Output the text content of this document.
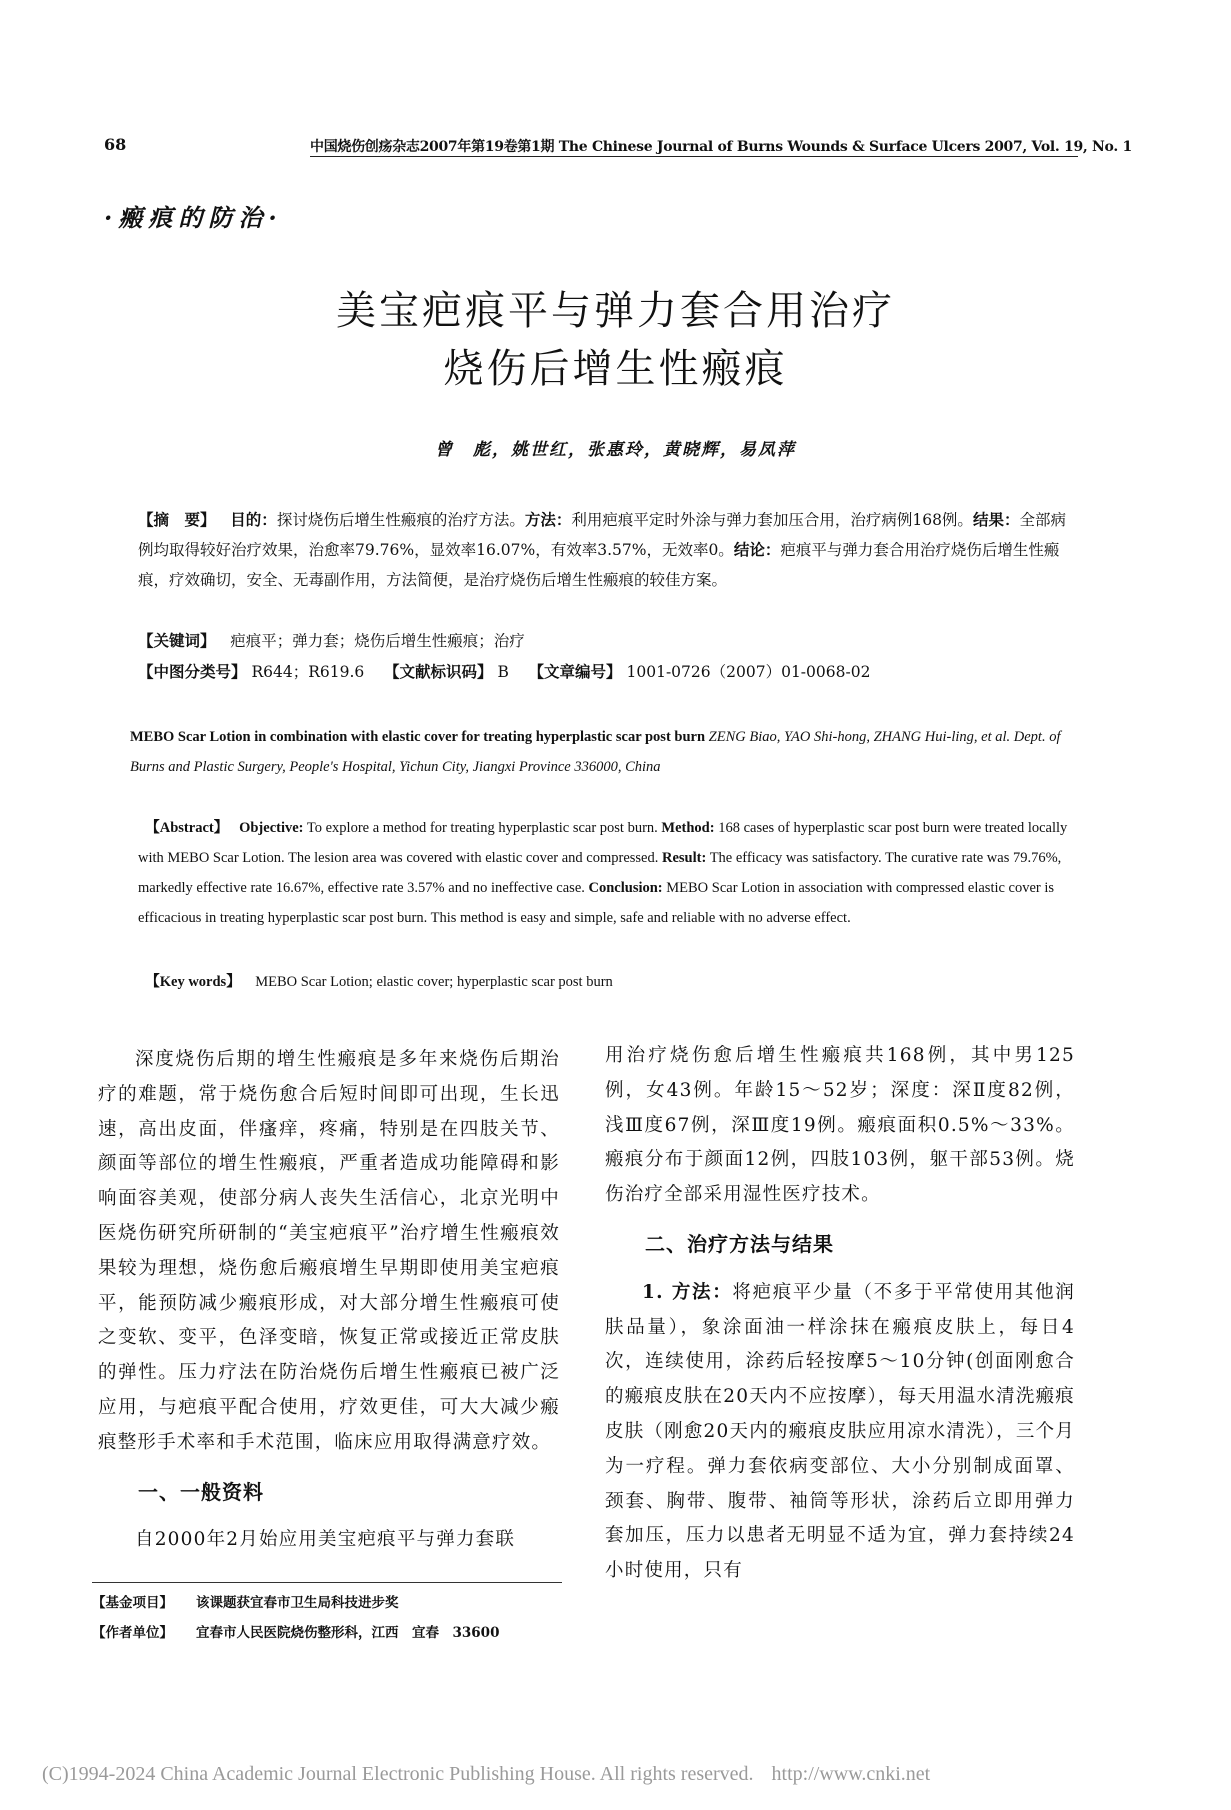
68	中国烧伤创疡杂志2007年第19卷第1期 The Chinese Journal of Burns Wounds & Surface Ulcers 2007, Vol. 19, No. 1
·瘢痕的防治·
美宝疤痕平与弹力套合用治疗
烧伤后增生性瘢痕
曾　彪，姚世红，张惠玲，黄晓辉，易凤萍
【摘　要】 目的：探讨烧伤后增生性瘢痕的治疗方法。方法：利用疤痕平定时外涂与弹力套加压合用，治疗病例168例。结果：全部病例均取得较好治疗效果，治愈率79.76%，显效率16.07%，有效率3.57%，无效率0。结论：疤痕平与弹力套合用治疗烧伤后增生性瘢痕，疗效确切，安全、无毒副作用，方法简便，是治疗烧伤后增生性瘢痕的较佳方案。
【关键词】 疤痕平；弹力套；烧伤后增生性瘢痕；治疗
【中图分类号】 R644；R619.6 【文献标识码】 B 【文章编号】 1001-0726（2007）01-0068-02
MEBO Scar Lotion in combination with elastic cover for treating hyperplastic scar post burn ZENG Biao, YAO Shi-hong, ZHANG Hui-ling, et al. Dept. of Burns and Plastic Surgery, People's Hospital, Yichun City, Jiangxi Province 336000, China
【Abstract】 Objective: To explore a method for treating hyperplastic scar post burn. Method: 168 cases of hyperplastic scar post burn were treated locally with MEBO Scar Lotion. The lesion area was covered with elastic cover and compressed. Result: The efficacy was satisfactory. The curative rate was 79.76%, markedly effective rate 16.67%, effective rate 3.57% and no ineffective case. Conclusion: MEBO Scar Lotion in association with compressed elastic cover is efficacious in treating hyperplastic scar post burn. This method is easy and simple, safe and reliable with no adverse effect.
【Key words】 MEBO Scar Lotion; elastic cover; hyperplastic scar post burn

深度烧伤后期的增生性瘢痕是多年来烧伤后期治疗的难题，常于烧伤愈合后短时间即可出现，生长迅速，高出皮面，伴瘙痒，疼痛，特别是在四肢关节、颜面等部位的增生性瘢痕，严重者造成功能障碍和影响面容美观，使部分病人丧失生活信心，北京光明中医烧伤研究所研制的“美宝疤痕平”治疗增生性瘢痕效果较为理想，烧伤愈后瘢痕增生早期即使用美宝疤痕平，能预防减少瘢痕形成，对大部分增生性瘢痕可使之变软、变平，色泽变暗，恢复正常或接近正常皮肤的弹性。压力疗法在防治烧伤后增生性瘢痕已被广泛应用，与疤痕平配合使用，疗效更佳，可大大减少瘢痕整形手术率和手术范围，临床应用取得满意疗效。

一、一般资料

自2000年2月始应用美宝疤痕平与弹力套联

用治疗烧伤愈后增生性瘢痕共168例，其中男125例，女43例。年龄15～52岁；深度：深Ⅱ度82例，浅Ⅲ度67例，深Ⅲ度19例。瘢痕面积0.5%～33%。瘢痕分布于颜面12例，四肢103例，躯干部53例。烧伤治疗全部采用湿性医疗技术。

二、治疗方法与结果

1. 方法：将疤痕平少量（不多于平常使用其他润肤品量），象涂面油一样涂抹在瘢痕皮肤上，每日4次，连续使用，涂药后轻按摩5～10分钟(创面刚愈合的瘢痕皮肤在20天内不应按摩），每天用温水清洗瘢痕皮肤（刚愈20天内的瘢痕皮肤应用凉水清洗），三个月为一疗程。弹力套依病变部位、大小分别制成面罩、颈套、胸带、腹带、袖筒等形状，涂药后立即用弹力套加压，压力以患者无明显不适为宜，弹力套持续24小时使用，只有

【基金项目】 该课题获宜春市卫生局科技进步奖
【作者单位】 宜春市人民医院烧伤整形科，江西　宜春　33600
(C)1994-2024 China Academic Journal Electronic Publishing House. All rights reserved. http://www.cnki.net
